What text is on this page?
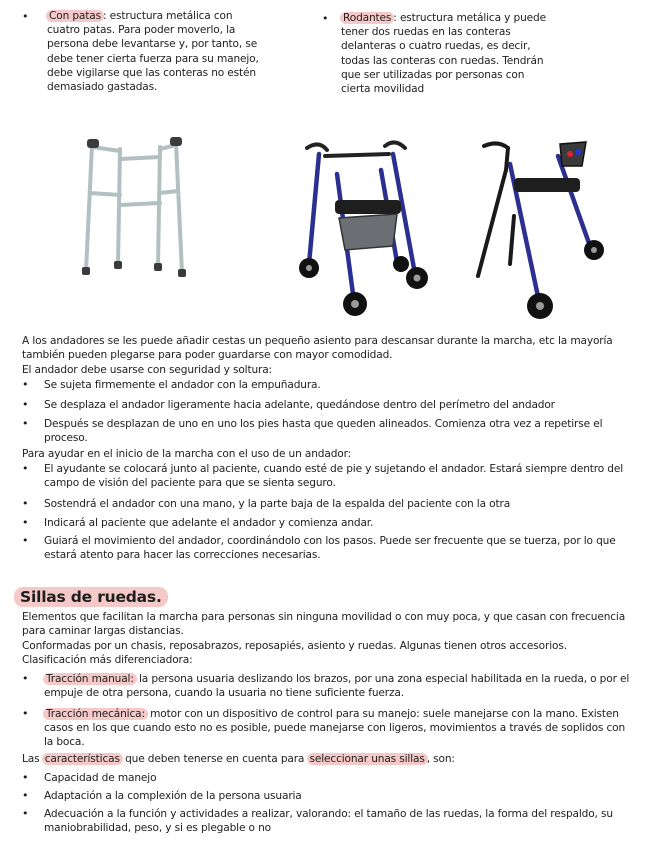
• Con patas : estructura metálica con cuatro patas. Para poder moverlo, la persona debe levantarse y, por tanto, se debe tener cierta fuerza para su manejo, debe vigilarse que las conteras no estén demasiado gastadas.
• Rodantes : estructura metálica y puede tener dos ruedas en las conteras delanteras o cuatro ruedas, es decir, todas las conteras con ruedas. Tendrán que ser utilizadas por personas con cierta movilidad
A los andadores se les puede añadir cestas un pequeño asiento para descansar durante la marcha, etc la mayoría también pueden plegarse para poder guardarse con mayor comodidad.
El andador debe usarse con seguridad y soltura:
• Se sujeta firmemente el andador con la empuñadura.
• Se desplaza el andador ligeramente hacia adelante, quedándose dentro del perímetro del andador
• Después se desplazan de uno en uno los pies hasta que queden alineados. Comienza otra vez a repetirse el proceso.
Para ayudar en el inicio de la marcha con el uso de un andador:
• El ayudante se colocará junto al paciente, cuando esté de pie y sujetando el andador. Estará siempre dentro del campo de visión del paciente para que se sienta seguro.
• Sostendrá el andador con una mano, y la parte baja de la espalda del paciente con la otra
• Indicará al paciente que adelante el andador y comienza andar.
• Guiará el movimiento del andador, coordinándolo con los pasos. Puede ser frecuente que se tuerza, por lo que estará atento para hacer las correcciones necesarias.
Sillas de ruedas.
Elementos que facilitan la marcha para personas sin ninguna movilidad o con muy poca, y que casan con frecuencia para caminar largas distancias.
Conformadas por un chasis, reposabrazos, reposapiés, asiento y ruedas. Algunas tienen otros accesorios.
Clasificación más diferenciadora:
• Tracción manual: la persona usuaria deslizando los brazos, por una zona especial habilitada en la rueda, o por el empuje de otra persona, cuando la usuaria no tiene suficiente fuerza.
• Tracción mecánica: motor con un dispositivo de control para su manejo: suele manejarse con la mano. Existen casos en los que cuando esto no es posible, puede manejarse con ligeros, movimientos a través de soplidos con la boca.
Las características que deben tenerse en cuenta para seleccionar unas sillas , son:
• Capacidad de manejo
• Adaptación a la complexión de la persona usuaria
• Adecuación a la función y actividades a realizar, valorando: el tamaño de las ruedas, la forma del respaldo, su maniobrabilidad, peso, y si es plegable o no
